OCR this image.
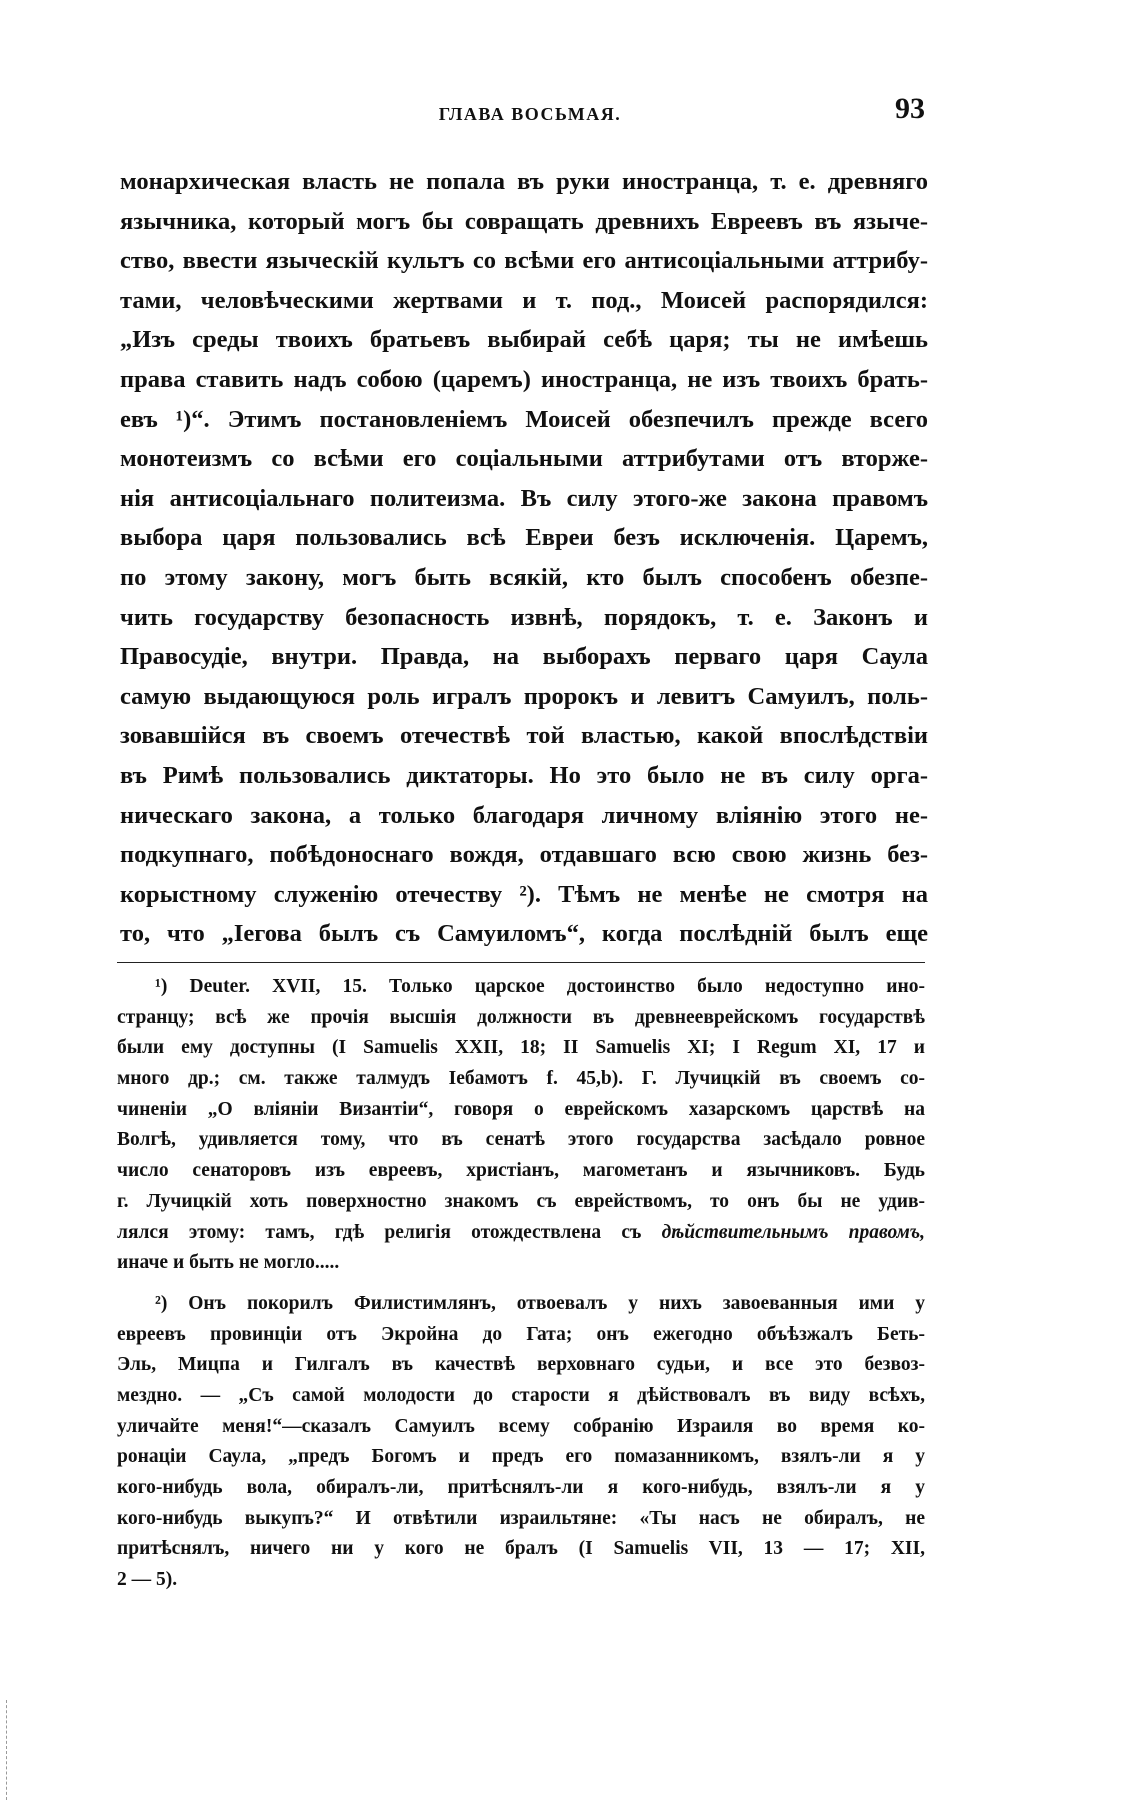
ГЛАВА ВОСЬМАЯ.	93
монархическая власть не попала въ руки иностранца, т. е. древняго
язычника, который могъ бы совращать древнихъ Евреевъ въ языче-
ство, ввести языческій культъ со всѣми его антисоціальными аттрибу-
тами, человѣческими жертвами и т. под., Моисей распорядился:
„Изъ среды твоихъ братьевъ выбирай себѣ царя; ты не имѣешь
права ставить надъ собою (царемъ) иностранца, не изъ твоихъ брать-
евъ ¹)“. Этимъ постановленіемъ Моисей обезпечилъ прежде всего
монотеизмъ со всѣми его соціальными аттрибутами отъ вторже-
нія антисоціальнаго политеизма. Въ силу этого-же закона правомъ
выбора царя пользовались всѣ Евреи безъ исключенія. Царемъ,
по этому закону, могъ быть всякій, кто былъ способенъ обезпе-
чить государству безопасность извнѣ, порядокъ, т. е. Законъ и
Правосудіе, внутри. Правда, на выборахъ перваго царя Саула
самую выдающуюся роль игралъ пророкъ и левитъ Самуилъ, поль-
зовавшійся въ своемъ отечествѣ той властью, какой впослѣдствіи
въ Римѣ пользовались диктаторы. Но это было не въ силу орга-
ническаго закона, а только благодаря личному вліянію этого не-
подкупнаго, побѣдоноснаго вождя, отдавшаго всю свою жизнь без-
корыстному служенію отечеству ²). Тѣмъ не менѣе не смотря на
то, что „Іегова былъ съ Самуиломъ“, когда послѣдній былъ еще
¹) Deuter. XVII, 15. Только царское достоинство было недоступно ино-
странцу; всѣ же прочія высшія должности въ древнееврейскомъ государствѣ
были ему доступны (I Samuelis XXII, 18; II Samuelis XI; I Regum XI, 17 и
много др.; см. также талмудъ Іебамотъ f. 45,b). Г. Лучицкій въ своемъ со-
чиненіи „О вліяніи Византіи“, говоря о еврейскомъ хазарскомъ царствѣ на
Волгѣ, удивляется тому, что въ сенатѣ этого государства засѣдало ровное
число сенаторовъ изъ евреевъ, христіанъ, магометанъ и язычниковъ. Будь
г. Лучицкій хоть поверхностно знакомъ съ еврействомъ, то онъ бы не удив-
лялся этому: тамъ, гдѣ религія отождествлена съ дѣйствительнымъ правомъ,
иначе и быть не могло.....
²) Онъ покорилъ Филистимлянъ, отвоевалъ у нихъ завоеванныя ими у
евреевъ провинціи отъ Экройна до Гата; онъ ежегодно объѣзжалъ Беть-
Эль, Мицпа и Гилгалъ въ качествѣ верховнаго судьи, и все это безвоз-
мездно. — „Съ самой молодости до старости я дѣйствовалъ въ виду всѣхъ,
уличайте меня!“—сказалъ Самуилъ всему собранію Израиля во время ко-
ронаціи Саула, „предъ Богомъ и предъ его помазанникомъ, взялъ-ли я у
кого-нибудь вола, обиралъ-ли, притѣснялъ-ли я кого-нибудь, взялъ-ли я у
кого-нибудь выкупъ?“ И отвѣтили израильтяне: «Ты насъ не обиралъ, не
притѣснялъ, ничего ни у кого не бралъ (I Samuelis VII, 13 — 17; XII,
2 — 5).
